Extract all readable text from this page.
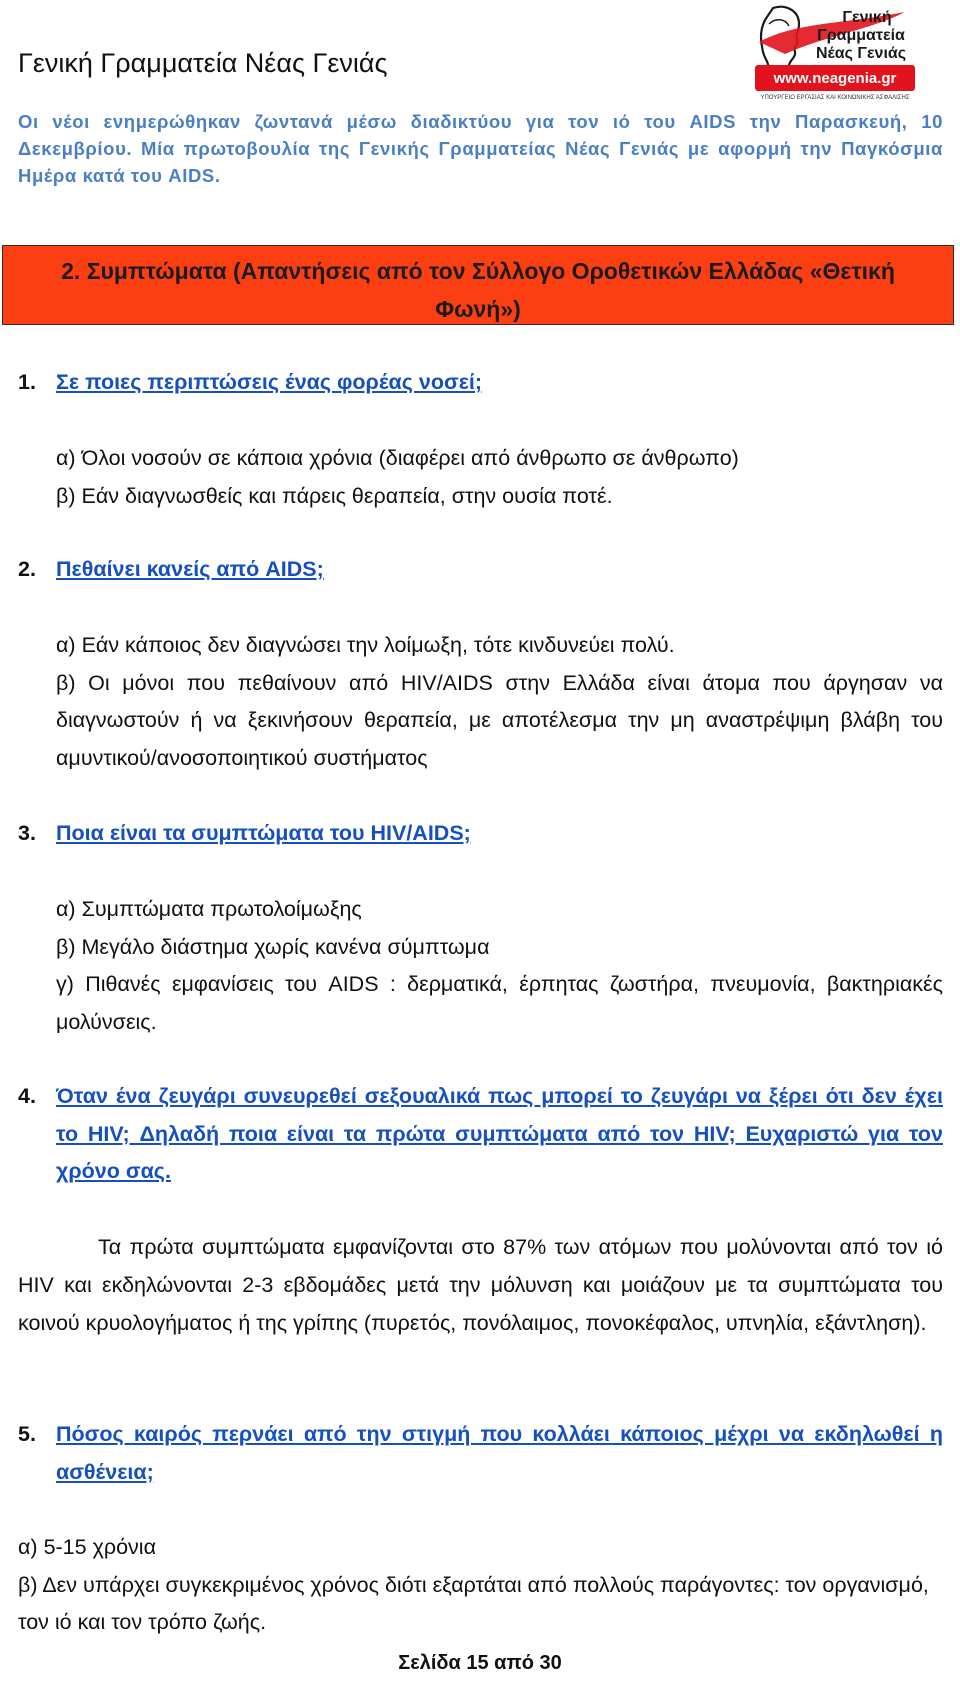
Γενική Γραμματεία Νέας Γενιάς
Γενική
Γραμματεία
Νέας Γενιάς
www.neagenia.gr
ΥΠΟΥΡΓΕΙΟ ΕΡΓΑΣΙΑΣ ΚΑΙ ΚΟΙΝΩΝΙΚΗΣ ΑΣΦΑΛΙΣΗΣ
Οι νέοι ενημερώθηκαν ζωντανά μέσω διαδικτύου για τον ιό του AIDS την Παρασκευή, 10 Δεκεμβρίου. Μία πρωτοβουλία της Γενικής Γραμματείας Νέας Γενιάς με αφορμή την Παγκόσμια Ημέρα κατά του AIDS.
2. Συμπτώματα (Απαντήσεις από τον Σύλλογο Οροθετικών Ελλάδας «Θετική
Φωνή»)
1. Σε ποιες περιπτώσεις ένας φορέας νοσεί;
α) Όλοι νοσούν σε κάποια χρόνια (διαφέρει από άνθρωπο σε άνθρωπο)
β) Εάν διαγνωσθείς και πάρεις θεραπεία, στην ουσία ποτέ.
2. Πεθαίνει κανείς από AIDS;
α) Εάν κάποιος δεν διαγνώσει την λοίμωξη, τότε κινδυνεύει πολύ.
β) Οι μόνοι που πεθαίνουν από HIV/AIDS στην Ελλάδα είναι άτομα που άργησαν να διαγνωστούν ή να ξεκινήσουν θεραπεία, με αποτέλεσμα την μη αναστρέψιμη βλάβη του αμυντικού/ανοσοποιητικού συστήματος
3. Ποια είναι τα συμπτώματα του HIV/AIDS;
α) Συμπτώματα πρωτολοίμωξης
β) Μεγάλο διάστημα χωρίς κανένα σύμπτωμα
γ) Πιθανές εμφανίσεις του AIDS : δερματικά, έρπητας ζωστήρα, πνευμονία, βακτηριακές μολύνσεις.
4. Όταν ένα ζευγάρι συνευρεθεί σεξουαλικά πως μπορεί το ζευγάρι να ξέρει ότι δεν έχει το HIV; Δηλαδή ποια είναι τα πρώτα συμπτώματα από τον HIV; Ευχαριστώ για τον χρόνο σας.
Τα πρώτα συμπτώματα εμφανίζονται στο 87% των ατόμων που μολύνονται από τον ιό HIV και εκδηλώνονται 2-3 εβδομάδες μετά την μόλυνση και μοιάζουν με τα συμπτώματα του κοινού κρυολογήματος ή της γρίπης (πυρετός, πονόλαιμος, πονοκέφαλος, υπνηλία, εξάντληση).
5. Πόσος καιρός περνάει από την στιγμή που κολλάει κάποιος μέχρι να εκδηλωθεί η ασθένεια;
α) 5-15 χρόνια
β) Δεν υπάρχει συγκεκριμένος χρόνος διότι εξαρτάται από πολλούς παράγοντες: τον οργανισμό, τον ιό και τον τρόπο ζωής.
Σελίδα 15 από 30
